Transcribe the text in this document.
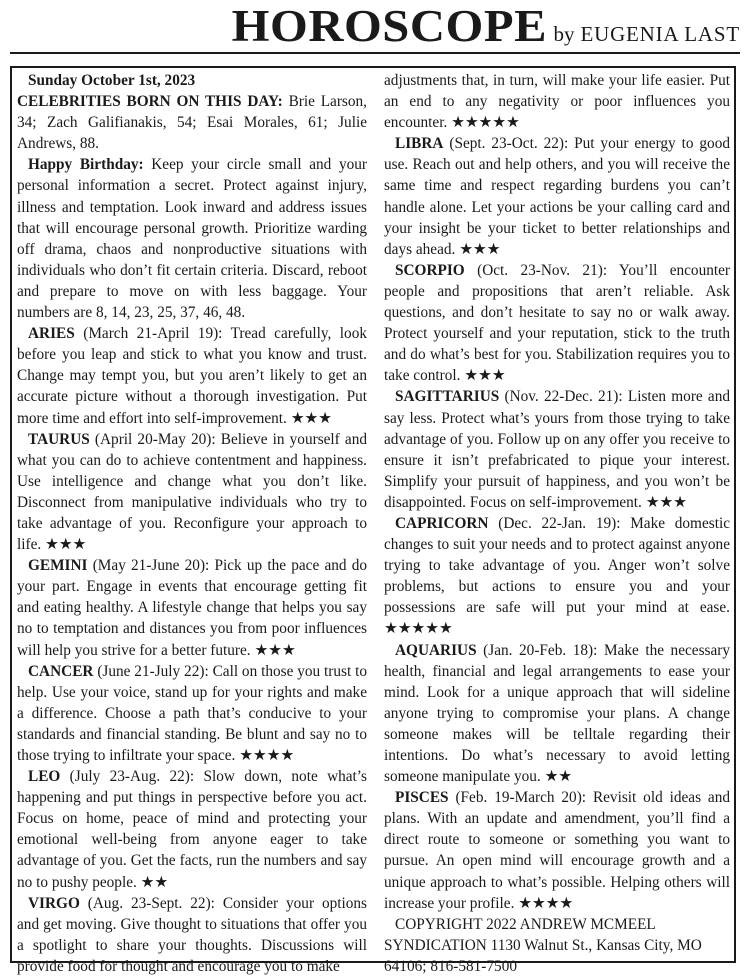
HOROSCOPE by EUGENIA LAST

Sunday October 1st, 2023

CELEBRITIES BORN ON THIS DAY: Brie Larson, 34; Zach Galifianakis, 54; Esai Morales, 61; Julie Andrews, 88.

Happy Birthday: Keep your circle small and your personal information a secret. Protect against injury, illness and temptation. Look inward and address issues that will encourage personal growth. Prioritize warding off drama, chaos and nonproductive situations with individuals who don’t fit certain criteria. Discard, reboot and prepare to move on with less baggage. Your numbers are 8, 14, 23, 25, 37, 46, 48.

ARIES (March 21-April 19): Tread carefully, look before you leap and stick to what you know and trust. Change may tempt you, but you aren’t likely to get an accurate picture without a thorough investigation. Put more time and effort into self-improvement. ★★★

TAURUS (April 20-May 20): Believe in yourself and what you can do to achieve contentment and happiness. Use intelligence and change what you don’t like. Disconnect from manipulative individuals who try to take advantage of you. Reconfigure your approach to life. ★★★

GEMINI (May 21-June 20): Pick up the pace and do your part. Engage in events that encourage getting fit and eating healthy. A lifestyle change that helps you say no to temptation and distances you from poor influences will help you strive for a better future. ★★★

CANCER (June 21-July 22): Call on those you trust to help. Use your voice, stand up for your rights and make a difference. Choose a path that’s conducive to your standards and financial standing. Be blunt and say no to those trying to infiltrate your space. ★★★★

LEO (July 23-Aug. 22): Slow down, note what’s happening and put things in perspective before you act. Focus on home, peace of mind and protecting your emotional well-being from anyone eager to take advantage of you. Get the facts, run the numbers and say no to pushy people. ★★

VIRGO (Aug. 23-Sept. 22): Consider your options and get moving. Give thought to situations that offer you a spotlight to share your thoughts. Discussions will provide food for thought and encourage you to make

adjustments that, in turn, will make your life easier. Put an end to any negativity or poor influences you encounter. ★★★★★

LIBRA (Sept. 23-Oct. 22): Put your energy to good use. Reach out and help others, and you will receive the same time and respect regarding burdens you can’t handle alone. Let your actions be your calling card and your insight be your ticket to better relationships and days ahead. ★★★

SCORPIO (Oct. 23-Nov. 21): You’ll encounter people and propositions that aren’t reliable. Ask questions, and don’t hesitate to say no or walk away. Protect yourself and your reputation, stick to the truth and do what’s best for you. Stabilization requires you to take control. ★★★

SAGITTARIUS (Nov. 22-Dec. 21): Listen more and say less. Protect what’s yours from those trying to take advantage of you. Follow up on any offer you receive to ensure it isn’t prefabricated to pique your interest. Simplify your pursuit of happiness, and you won’t be disappointed. Focus on self-improvement. ★★★

CAPRICORN (Dec. 22-Jan. 19): Make domestic changes to suit your needs and to protect against anyone trying to take advantage of you. Anger won’t solve problems, but actions to ensure you and your possessions are safe will put your mind at ease. ★★★★★

AQUARIUS (Jan. 20-Feb. 18): Make the necessary health, financial and legal arrangements to ease your mind. Look for a unique approach that will sideline anyone trying to compromise your plans. A change someone makes will be telltale regarding their intentions. Do what’s necessary to avoid letting someone manipulate you. ★★

PISCES (Feb. 19-March 20): Revisit old ideas and plans. With an update and amendment, you’ll find a direct route to someone or something you want to pursue. An open mind will encourage growth and a unique approach to what’s possible. Helping others will increase your profile. ★★★★

COPYRIGHT 2022 ANDREW MCMEEL SYNDICATION 1130 Walnut St., Kansas City, MO 64106; 816-581-7500
